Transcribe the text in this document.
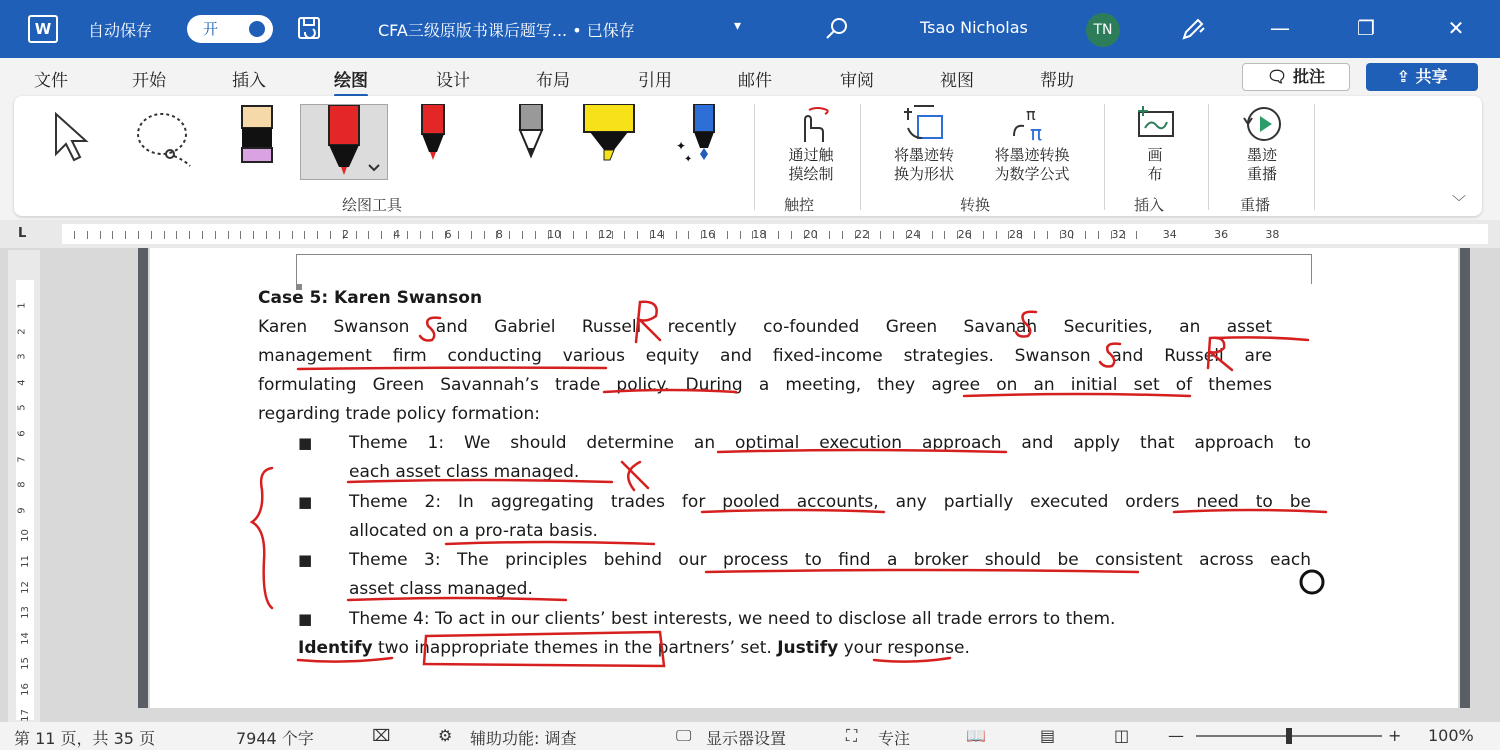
W	自动保存	开	CFA三级原版书课后题写... • 已保存	▾	Tsao Nicholas	TN	—	❐	✕
文件	开始	插入	绘图	设计	布局	引用	邮件	审阅	视图	帮助	🗨 批注	⇪ 共享
✦
✦	通过触
摸绘制
将墨迹转
换为形状
π
π
将墨迹转换
为数学公式
画
布
墨迹
重播
绘图工具	触控	转换	插入	重播	﹀
L	2	4	6	8	10	12	14	16	18	20	22	24	26	28	30	32	34	36	38
1
2
3
4
5
6
7
8
9
10
11
12
13
14
15
16
17
Case 5: Karen Swanson
Karen Swanson and Gabriel Russell recently co-founded Green Savanah Securities, an asset
management firm conducting various equity and fixed-income strategies. Swanson and Russell are
formulating Green Savannah’s trade policy. During a meeting, they agree on an initial set of themes
regarding trade policy formation:
■ Theme 1: We should determine an optimal execution approach and apply that approach to
each asset class managed.
■ Theme 2: In aggregating trades for pooled accounts, any partially executed orders need to be
allocated on a pro-rata basis.
■ Theme 3: The principles behind our process to find a broker should be consistent across each
asset class managed.
■ Theme 4: To act in our clients’ best interests, we need to disclose all trade errors to them.
Identify two inappropriate themes in the partners’ set. Justify your response.
第 11 页，共 35 页	7944 个字	⌧	⚙ 辅助功能: 调查	🖵 显示器设置	⛶ 专注	📖	▤	◫ —	+ 100%
